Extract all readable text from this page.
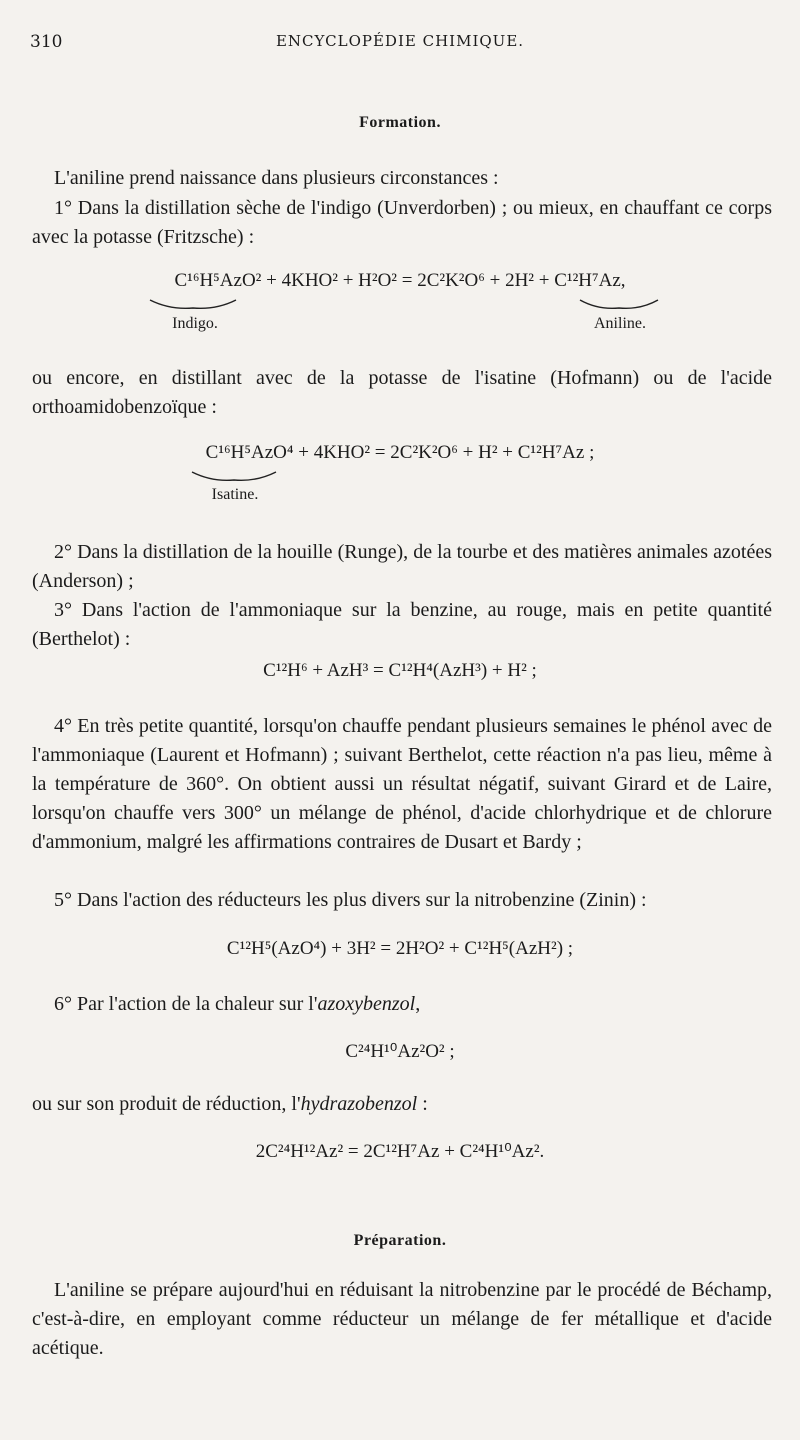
310	ENCYCLOPÉDIE CHIMIQUE.
Formation.

L'aniline prend naissance dans plusieurs circonstances :

1° Dans la distillation sèche de l'indigo (Unverdorben) ; ou mieux, en chauffant ce corps avec la potasse (Fritzsche) :

C¹⁶H⁵AzO² + 4KHO² + H²O² = 2C²K²O⁶ + 2H² + C¹²H⁷Az,
Indigo.	Aniline.

ou encore, en distillant avec de la potasse de l'isatine (Hofmann) ou de l'acide orthoamidobenzoïque :

C¹⁶H⁵AzO⁴ + 4KHO² = 2C²K²O⁶ + H² + C¹²H⁷Az ;
Isatine.

2° Dans la distillation de la houille (Runge), de la tourbe et des matières animales azotées (Anderson) ;

3° Dans l'action de l'ammoniaque sur la benzine, au rouge, mais en petite quantité (Berthelot) :

C¹²H⁶ + AzH³ = C¹²H⁴(AzH³) + H² ;

4° En très petite quantité, lorsqu'on chauffe pendant plusieurs semaines le phénol avec de l'ammoniaque (Laurent et Hofmann) ; suivant Berthelot, cette réaction n'a pas lieu, même à la température de 360°. On obtient aussi un résultat négatif, suivant Girard et de Laire, lorsqu'on chauffe vers 300° un mélange de phénol, d'acide chlorhydrique et de chlorure d'ammonium, malgré les affirmations contraires de Dusart et Bardy ;

5° Dans l'action des réducteurs les plus divers sur la nitrobenzine (Zinin) :

C¹²H⁵(AzO⁴) + 3H² = 2H²O² + C¹²H⁵(AzH²) ;

6° Par l'action de la chaleur sur l'azoxybenzol,

C²⁴H¹⁰Az²O² ;

ou sur son produit de réduction, l'hydrazobenzol :

2C²⁴H¹²Az² = 2C¹²H⁷Az + C²⁴H¹⁰Az².
Préparation.

L'aniline se prépare aujourd'hui en réduisant la nitrobenzine par le procédé de Béchamp, c'est-à-dire, en employant comme réducteur un mélange de fer métallique et d'acide acétique.
